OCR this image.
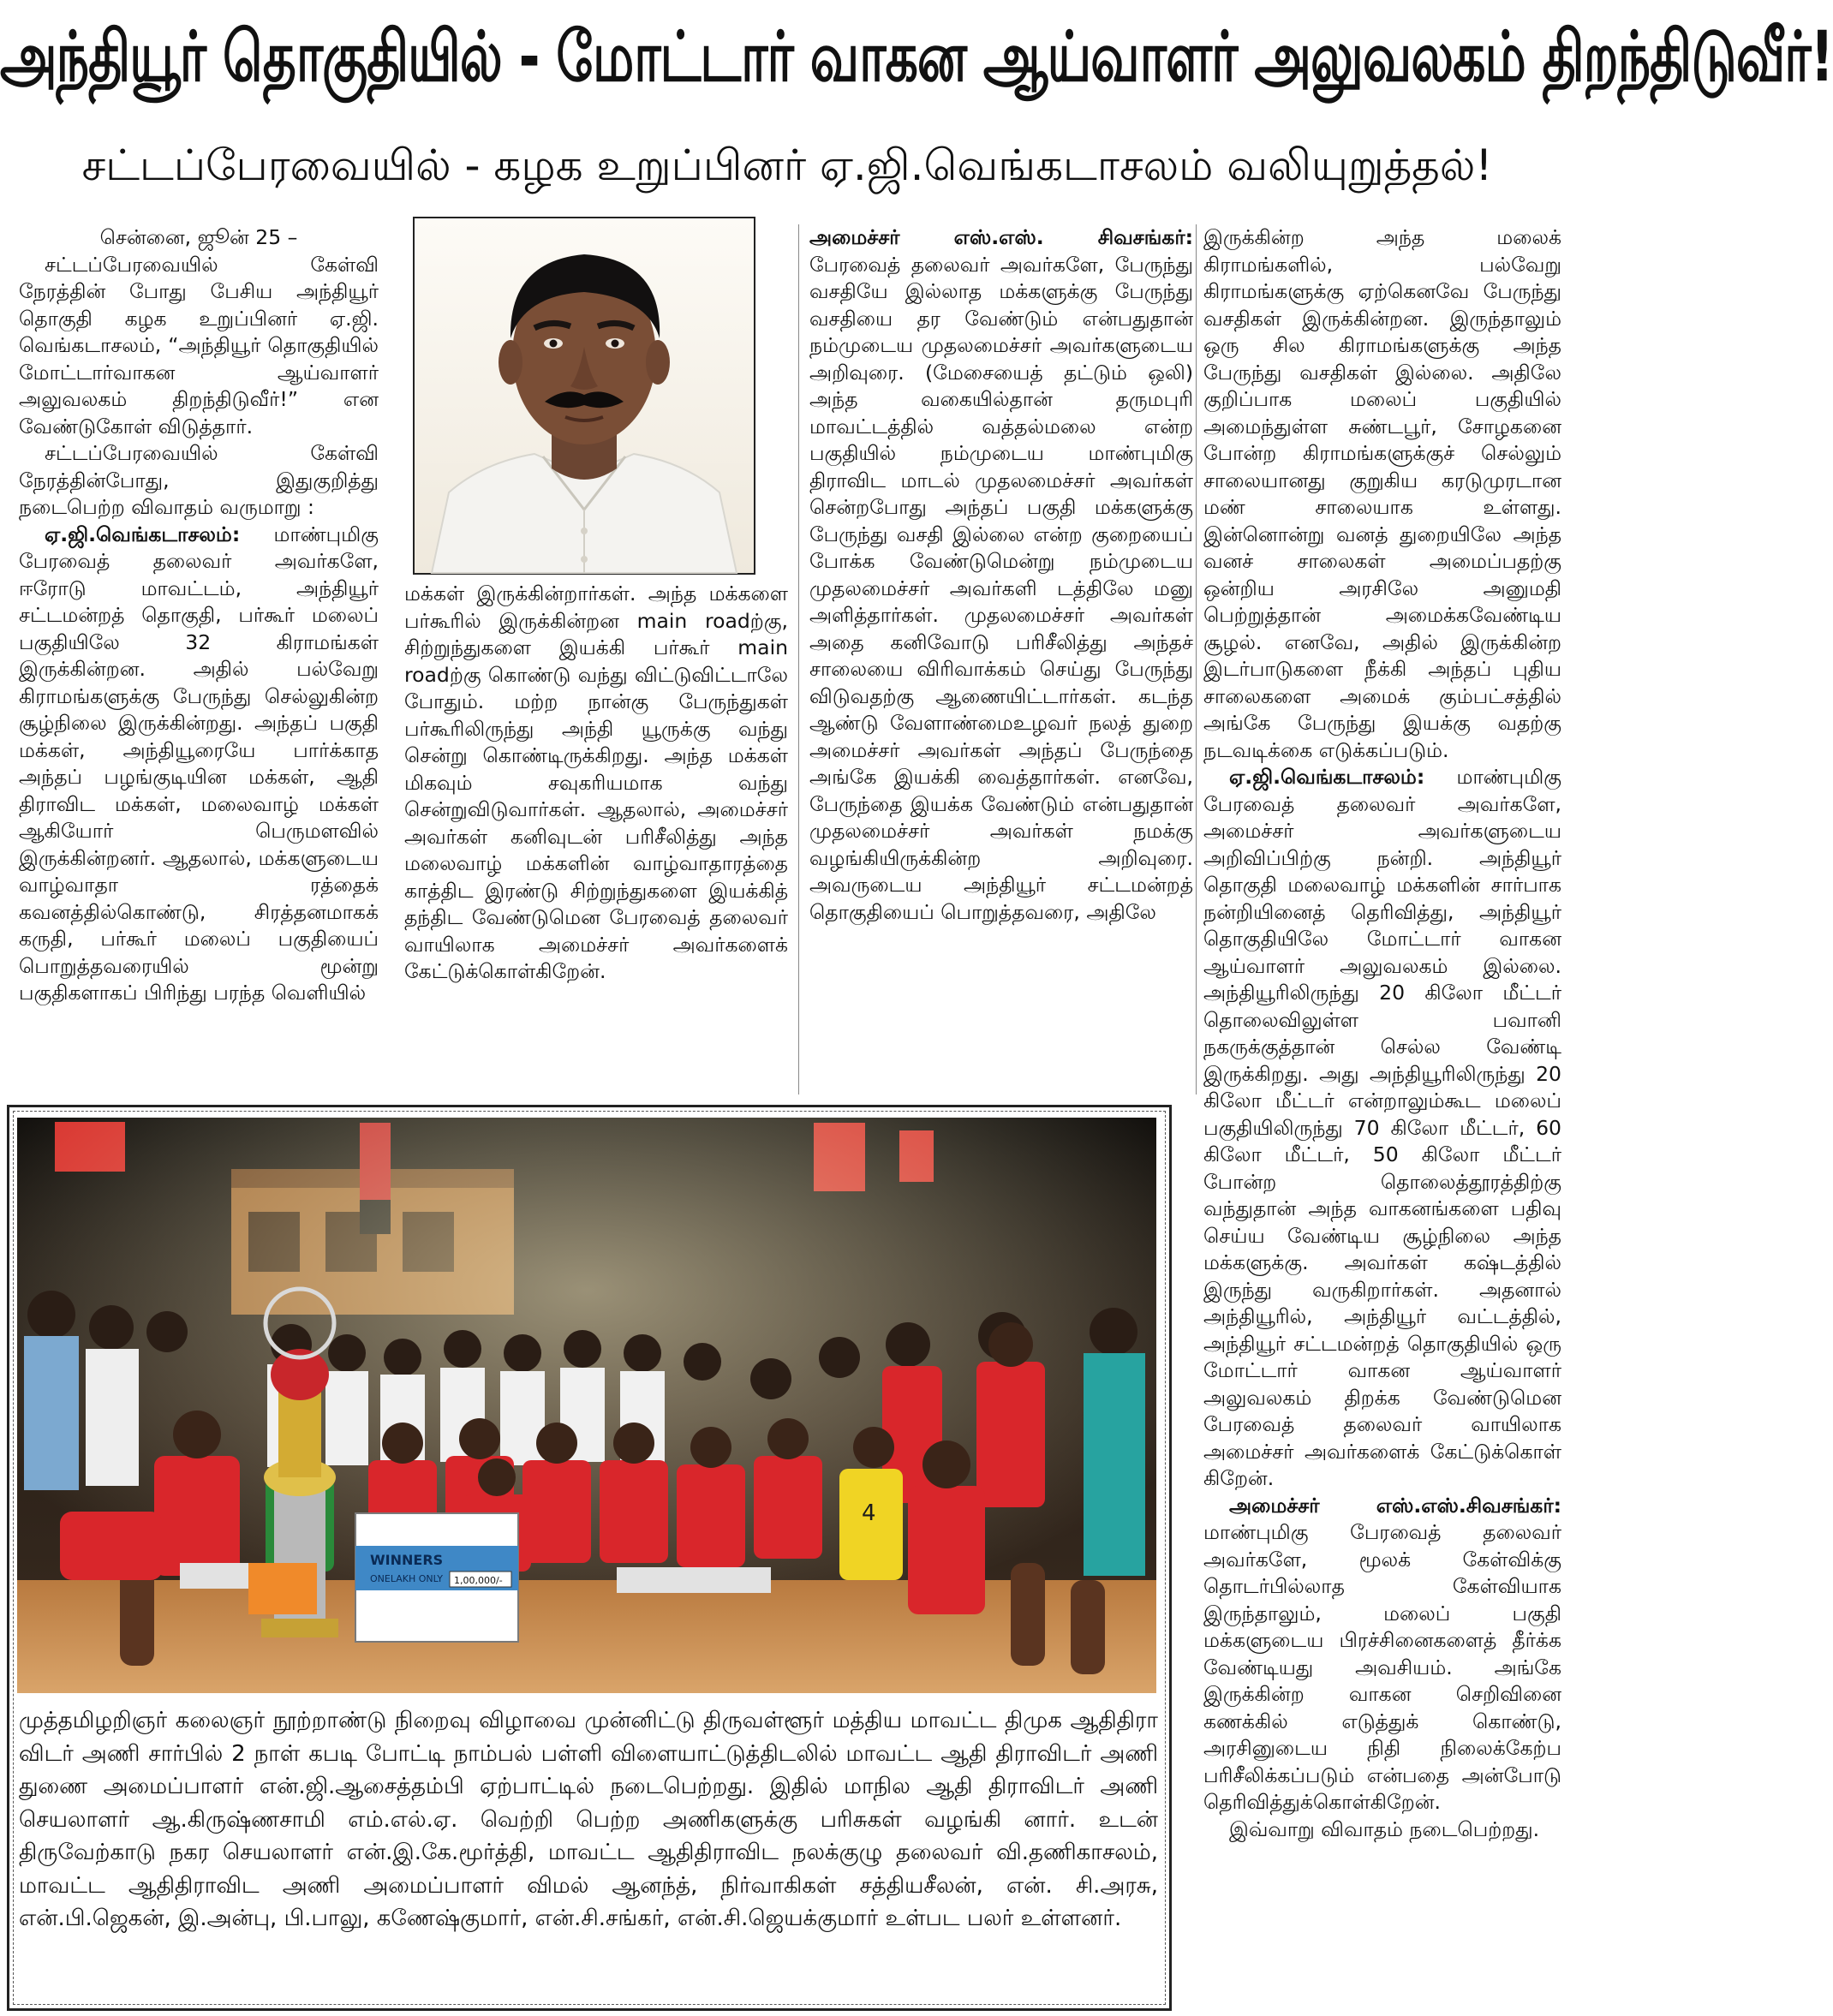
அந்தியூர் தொகுதியில் - மோட்டார் வாகன ஆய்வாளர் அலுவலகம் திறந்திடுவீர்!
சட்டப்பேரவையில் - கழக உறுப்பினர் ஏ.ஜி.வெங்கடாசலம் வலியுறுத்தல்!

சென்னை, ஜூன் 25 –

சட்டப்பேரவையில் கேள்வி நேரத்தின் போது பேசிய அந்தியூர் தொகுதி கழக உறுப்பினர் ஏ.ஜி. வெங்கடாசலம், “அந்தியூர் தொகுதியில் மோட்டார்வாகன ஆய்வாளர் அலுவலகம் திறந்திடுவீர்!” என வேண்டுகோள் விடுத்தார்.

சட்டப்பேரவையில் கேள்வி நேரத்தின்போது, இதுகுறித்து நடைபெற்ற விவாதம் வருமாறு :

ஏ.ஜி.வெங்கடாசலம்: மாண்புமிகு பேரவைத் தலைவர் அவர்களே, ஈரோடு மாவட்டம், அந்தியூர் சட்டமன்றத் தொகுதி, பர்கூர் மலைப் பகுதியிலே 32 கிராமங்கள் இருக்கின்றன. அதில் பல்வேறு கிராமங்களுக்கு பேருந்து செல்லுகின்ற சூழ்நிலை இருக்கின்றது. அந்தப் பகுதி மக்கள், அந்தியூரையே பார்க்காத அந்தப் பழங்குடியின மக்கள், ஆதி திராவிட மக்கள், மலைவாழ் மக்கள் ஆகியோர் பெருமளவில் இருக்கின்றனர். ஆதலால், மக்களுடைய வாழ்வாதா ரத்தைக் கவனத்தில்கொண்டு, சிரத்தனமாகக் கருதி, பர்கூர் மலைப் பகுதியைப் பொறுத்தவரையில் மூன்று பகுதிகளாகப் பிரிந்து பரந்த வெளியில்

மக்கள் இருக்கின்றார்கள். அந்த மக்களை பர்கூரில் இருக்கின்றன main roadற்கு, சிற்றுந்துகளை இயக்கி பர்கூர் main roadற்கு கொண்டு வந்து விட்டுவிட்டாலே போதும். மற்ற நான்கு பேருந்துகள் பர்கூரிலிருந்து அந்தி யூருக்கு வந்து சென்று கொண்டிருக்கிறது. அந்த மக்கள் மிகவும் சவுகரியமாக வந்து சென்றுவிடுவார்கள். ஆதலால், அமைச்சர் அவர்கள் கனிவுடன் பரிசீலித்து அந்த மலைவாழ் மக்களின் வாழ்வாதாரத்தை காத்திட இரண்டு சிற்றுந்துகளை இயக்கித் தந்திட வேண்டுமென பேரவைத் தலைவர் வாயிலாக அமைச்சர் அவர்களைக் கேட்டுக்கொள்கிறேன்.

அமைச்சர் எஸ்.எஸ். சிவசங்கர்: பேரவைத் தலைவர் அவர்களே, பேருந்து வசதியே இல்லாத மக்களுக்கு பேருந்து வசதியை தர வேண்டும் என்பதுதான் நம்முடைய முதலமைச்சர் அவர்களுடைய அறிவுரை. (மேசையைத் தட்டும் ஒலி) அந்த வகையில்தான் தருமபுரி மாவட்டத்தில் வத்தல்மலை என்ற பகுதியில் நம்முடைய மாண்புமிகு திராவிட மாடல் முதலமைச்சர் அவர்கள் சென்றபோது அந்தப் பகுதி மக்களுக்கு பேருந்து வசதி இல்லை என்ற குறையைப் போக்க வேண்டுமென்று நம்முடைய முதலமைச்சர் அவர்களி டத்திலே மனு அளித்தார்கள். முதலமைச்சர் அவர்கள் அதை கனிவோடு பரிசீலித்து அந்தச் சாலையை விரிவாக்கம் செய்து பேருந்து விடுவதற்கு ஆணையிட்டார்கள். கடந்த ஆண்டு வேளாண்மைஉழவர் நலத் துறை அமைச்சர் அவர்கள் அந்தப் பேருந்தை அங்கே இயக்கி வைத்தார்கள். எனவே, பேருந்தை இயக்க வேண்டும் என்பதுதான் முதலமைச்சர் அவர்கள் நமக்கு வழங்கியிருக்கின்ற அறிவுரை. அவருடைய அந்தியூர் சட்டமன்றத் தொகுதியைப் பொறுத்தவரை, அதிலே

இருக்கின்ற அந்த மலைக் கிராமங்களில், பல்வேறு கிராமங்களுக்கு ஏற்கெனவே பேருந்து வசதிகள் இருக்கின்றன. இருந்தாலும் ஒரு சில கிராமங்களுக்கு அந்த பேருந்து வசதிகள் இல்லை. அதிலே குறிப்பாக மலைப் பகுதியில் அமைந்துள்ள சுண்டபூர், சோழகனை போன்ற கிராமங்களுக்குச் செல்லும் சாலையானது குறுகிய கரடுமுரடான மண் சாலையாக உள்ளது. இன்னொன்று வனத் துறையிலே அந்த வனச் சாலைகள் அமைப்பதற்கு ஒன்றிய அரசிலே அனுமதி பெற்றுத்தான் அமைக்கவேண்டிய சூழல். எனவே, அதில் இருக்கின்ற இடர்பாடுகளை நீக்கி அந்தப் புதிய சாலைகளை அமைக் கும்பட்சத்தில் அங்கே பேருந்து இயக்கு வதற்கு நடவடிக்கை எடுக்கப்படும்.

ஏ.ஜி.வெங்கடாசலம்: மாண்புமிகு பேரவைத் தலைவர் அவர்களே, அமைச்சர் அவர்களுடைய அறிவிப்பிற்கு நன்றி. அந்தியூர் தொகுதி மலைவாழ் மக்களின் சார்பாக நன்றியினைத் தெரிவித்து, அந்தியூர் தொகுதியிலே மோட்டார் வாகன ஆய்வாளர் அலுவலகம் இல்லை. அந்தியூரிலிருந்து 20 கிலோ மீட்டர் தொலைவிலுள்ள பவானி நகருக்குத்தான் செல்ல வேண்டி இருக்கிறது. அது அந்தியூரிலிருந்து 20 கிலோ மீட்டர் என்றாலும்கூட மலைப் பகுதியிலிருந்து 70 கிலோ மீட்டர், 60 கிலோ மீட்டர், 50 கிலோ மீட்டர் போன்ற தொலைத்தூரத்திற்கு வந்துதான் அந்த வாகனங்களை பதிவு செய்ய வேண்டிய சூழ்நிலை அந்த மக்களுக்கு. அவர்கள் கஷ்டத்தில் இருந்து வருகிறார்கள். அதனால் அந்தியூரில், அந்தியூர் வட்டத்தில், அந்தியூர் சட்டமன்றத் தொகுதியில் ஒரு மோட்டார் வாகன ஆய்வாளர் அலுவலகம் திறக்க வேண்டுமென பேரவைத் தலைவர் வாயிலாக அமைச்சர் அவர்களைக் கேட்டுக்கொள் கிறேன்.

அமைச்சர் எஸ்.எஸ்.சிவசங்கர்: மாண்புமிகு பேரவைத் தலைவர் அவர்களே, மூலக் கேள்விக்கு தொடர்பில்லாத கேள்வியாக இருந்தாலும், மலைப் பகுதி மக்களுடைய பிரச்சினைகளைத் தீர்க்க வேண்டியது அவசியம். அங்கே இருக்கின்ற வாகன செறிவினை கணக்கில் எடுத்துக் கொண்டு, அரசினுடைய நிதி நிலைக்கேற்ப பரிசீலிக்கப்படும் என்பதை அன்போடு தெரிவித்துக்கொள்கிறேன்.

இவ்வாறு விவாதம் நடைபெற்றது.

4
WINNERS
ONELAKH ONLY 1,00,000/-

முத்தமிழறிஞர் கலைஞர் நூற்றாண்டு நிறைவு விழாவை முன்னிட்டு திருவள்ளூர் மத்திய மாவட்ட திமுக ஆதிதிரா விடர் அணி சார்பில் 2 நாள் கபடி போட்டி நாம்பல் பள்ளி விளையாட்டுத்திடலில் மாவட்ட ஆதி திராவிடர் அணி துணை அமைப்பாளர் என்.ஜி.ஆசைத்தம்பி ஏற்பாட்டில் நடைபெற்றது. இதில் மாநில ஆதி திராவிடர் அணி செயலாளர் ஆ.கிருஷ்ணசாமி எம்.எல்.ஏ. வெற்றி பெற்ற அணிகளுக்கு பரிசுகள் வழங்கி னார். உடன் திருவேற்காடு நகர செயலாளர் என்.இ.கே.மூர்த்தி, மாவட்ட ஆதிதிராவிட நலக்குழு தலைவர் வி.தணிகாசலம், மாவட்ட ஆதிதிராவிட அணி அமைப்பாளர் விமல் ஆனந்த், நிர்வாகிகள் சத்தியசீலன், என். சி.அரசு, என்.பி.ஜெகன், இ.அன்பு, பி.பாலு, கணேஷ்குமார், என்.சி.சங்கர், என்.சி.ஜெயக்குமார் உள்பட பலர் உள்ளனர்.
